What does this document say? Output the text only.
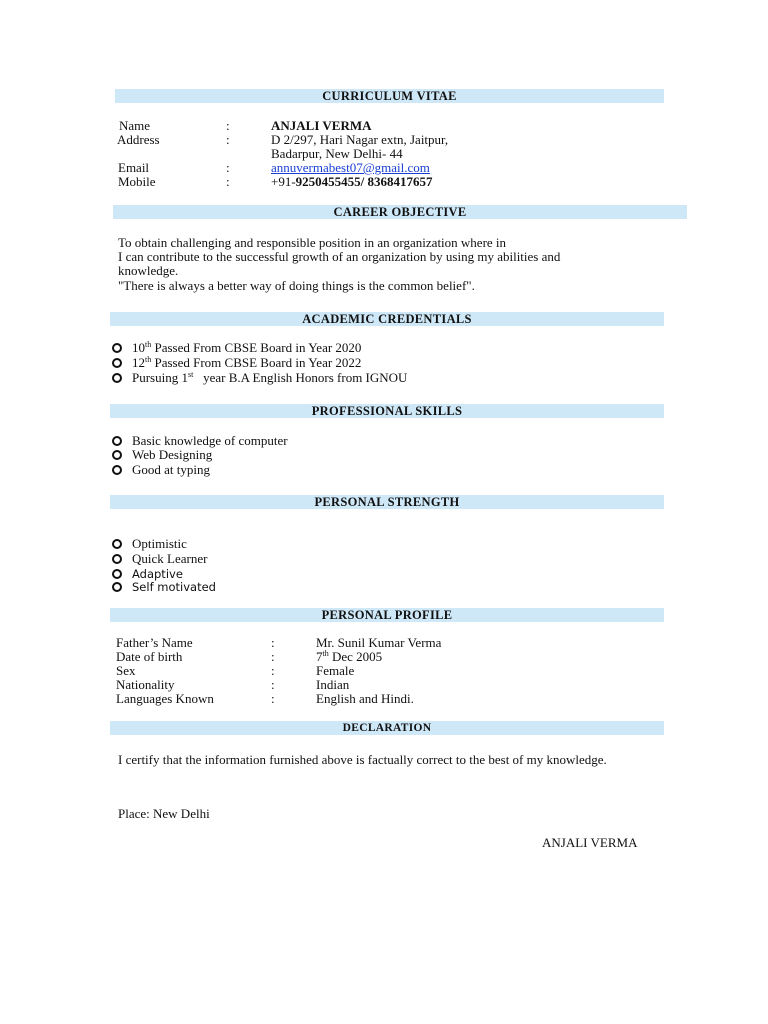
CURRICULUM VITAE
Name	:	ANJALI VERMA
Address	:	D 2/297, Hari Nagar extn, Jaitpur,
Badarpur, New Delhi- 44
Email	:	annuvermabest07@gmail.com
Mobile	:	+91-9250455455/ 8368417657
CAREER OBJECTIVE
To obtain challenging and responsible position in an organization where in
I can contribute to the successful growth of an organization by using my abilities and
knowledge.
"There is always a better way of doing things is the common belief".
ACADEMIC CREDENTIALS
10th Passed From CBSE Board in Year 2020
12th Passed From CBSE Board in Year 2022
Pursuing 1st   year B.A English Honors from IGNOU
PROFESSIONAL SKILLS
Basic knowledge of computer
Web Designing
Good at typing
PERSONAL STRENGTH
Optimistic
Quick Learner
Adaptive
Self motivated
PERSONAL PROFILE
Father’s Name	:	Mr. Sunil Kumar Verma
Date of birth	:	7th Dec 2005
Sex	:	Female
Nationality	:	Indian
Languages Known	:	English and Hindi.
DECLARATION
I certify that the information furnished above is factually correct to the best of my knowledge.
Place: New Delhi
ANJALI VERMA
